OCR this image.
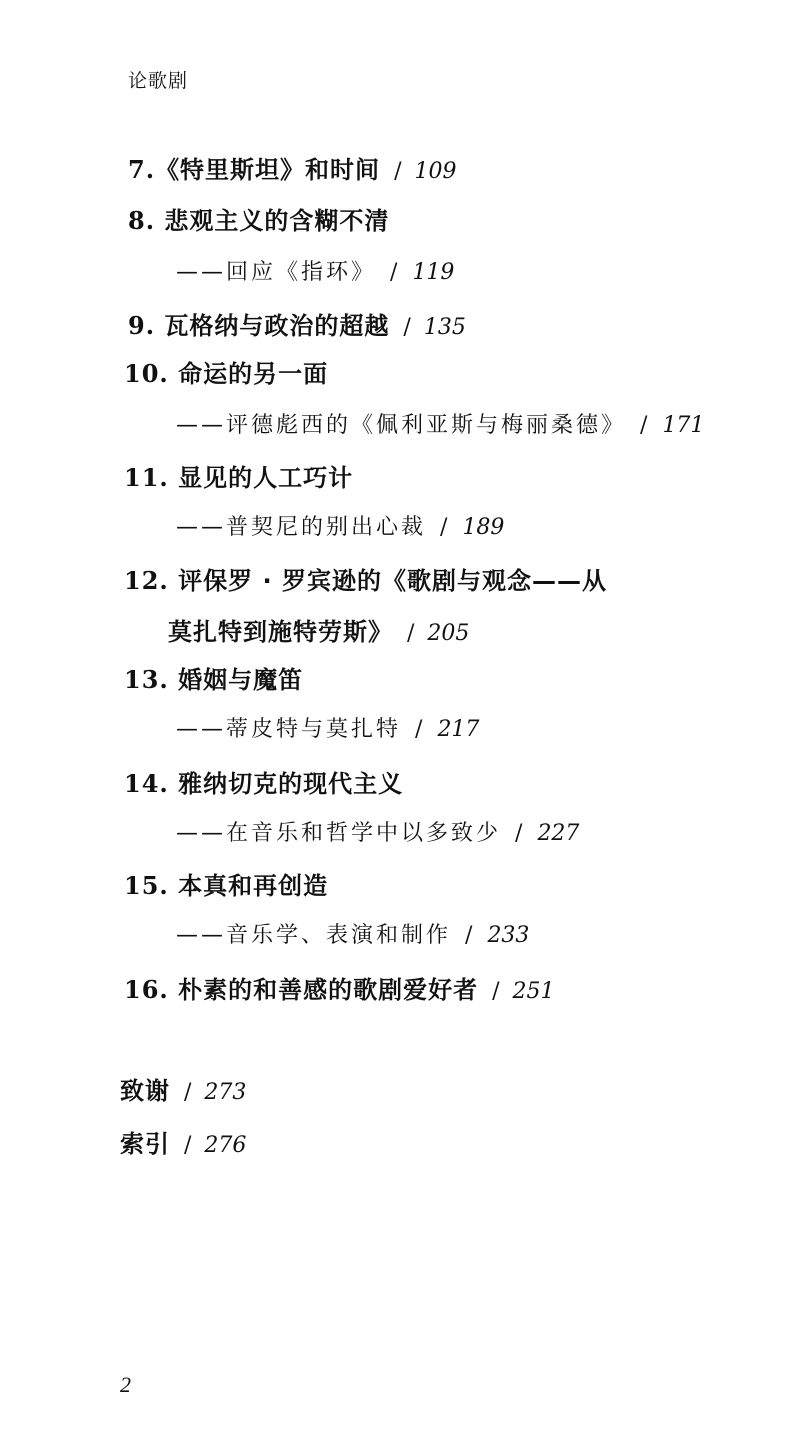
论歌剧
7.《特里斯坦》和时间 / 109
8. 悲观主义的含糊不清
——回应《指环》 / 119
9. 瓦格纳与政治的超越 / 135
10. 命运的另一面
——评德彪西的《佩利亚斯与梅丽桑德》 / 171
11. 显见的人工巧计
——普契尼的别出心裁 / 189
12. 评保罗 · 罗宾逊的《歌剧与观念——从
莫扎特到施特劳斯》 / 205
13. 婚姻与魔笛
——蒂皮特与莫扎特 / 217
14. 雅纳切克的现代主义
——在音乐和哲学中以多致少 / 227
15. 本真和再创造
——音乐学、表演和制作 / 233
16. 朴素的和善感的歌剧爱好者 / 251
致谢 / 273
索引 / 276
2
